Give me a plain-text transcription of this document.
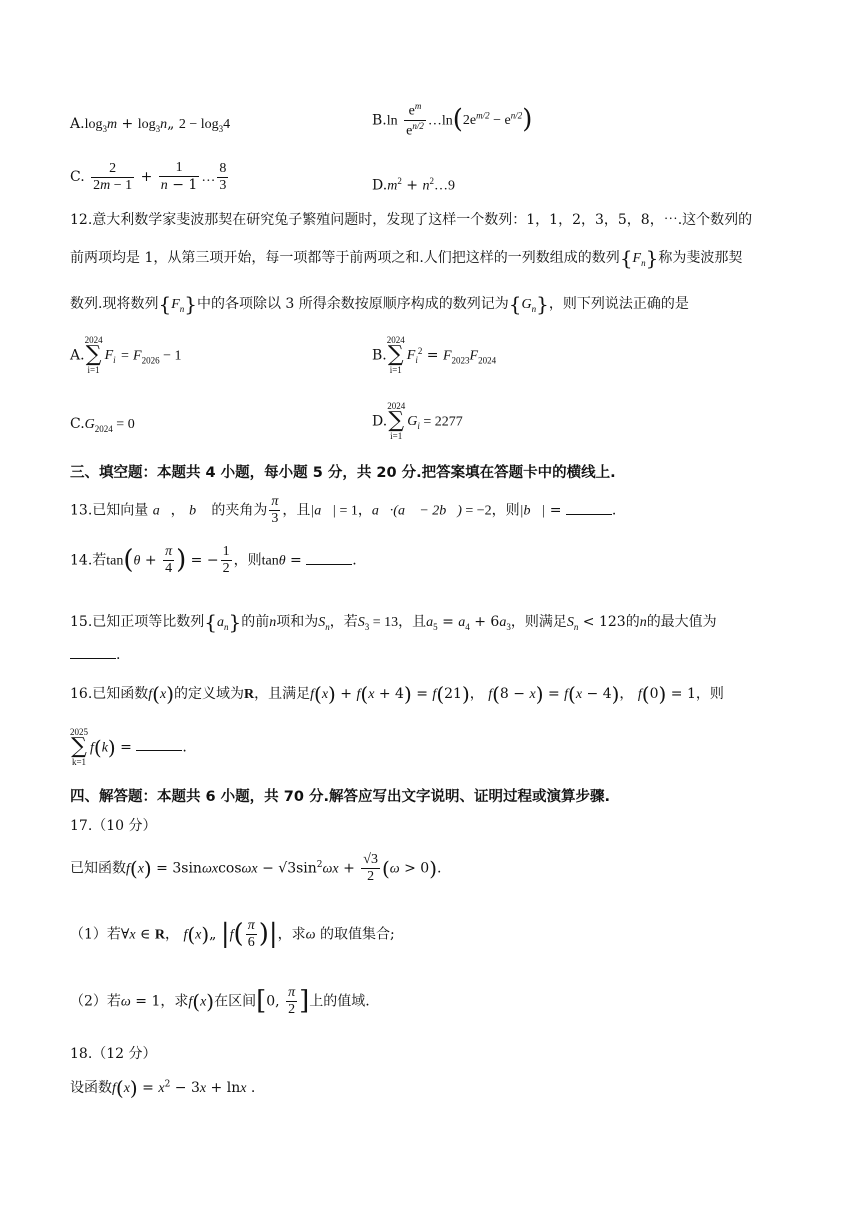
$A.\log_3m$ + $\log_3n„$ $2 - \log_34$	$B.\ln \frac{e^m}{e^{n/2}}$ $\dots\ln(2e^{m/2} - e^{n/2})$
C. $\frac{2}{2m - 1} + \frac{1}{n - 1}$ … $\frac{8}{3}$	$D.m^2$ + $n^2\dots 9$
12.意大利数学家斐波那契在研究兔子繁殖问题时，发现了这样一个数列：1，1，2，3，5，8，⋯.这个数列的
前两项均是 1，从第三项开始，每一项都等于前两项之和.人们把这样的一列数组成的数列$\{F_n\}$称为斐波那契
数列.现将数列$\{F_n\}$中的各项除以 3 所得余数按原顺序构成的数列记为$\{G_n\}$，则下列说法正确的是
A.
2024
∑
i=1
$F_i = F_{2026} - 1$	B.
2024
∑
i=1
$F_i^2 = F_{2023}F_{2024}$
$C.G_{2024} = 0$	D.
2024
∑
i=1
$G_i = 2277$
三、填空题：本题共 4 小题，每小题 5 分，共 20 分.把答案填在答题卡中的横线上.
13.已知向量 a⃗， b⃗ 的夹角为 $\frac{\pi}{3}$ ，且|a⃗| = 1，a⃗·(a⃗ − 2b⃗) = −2，则|b⃗| =	.
14.若$\tan(\theta + \frac{\pi}{4}$ ) = − $\frac{1}{2}$ ，则tanθ =	.
15.已知正项等比数列$\{a_n\}$的前n项和为$S_n$，若$S_3 = 13$，且$a_5 = a_4 + 6a_3$，则满足$S_n < 123$的n的最大值为
.
16.已知函数f(x)的定义域为R，且满足f(x) + f(x + 4) = f(21)， f(8 − x) = f(x − 4)， f(0) = 1，则
2025
∑
k=1
f(k) =	.
四、解答题：本题共 6 小题，共 70 分.解答应写出文字说明、证明过程或演算步骤.
17.（10 分）
已知函数$f(x) = 3\sin\omega xcos\omega x - √3\sin^2\omega x + \frac{√3}{2} (\omega > 0)$.
（1）若∀x ∈ R， f(x)„ $|f( \frac{\pi}{6}$ )|，求ω 的取值集合;
（2）若ω = 1，求f(x)在区间[0, $\frac{\pi}{2}$ ]上的值域.
18.（12 分）
设函数$f(x) = x^2 - 3x + \ln x$ .
